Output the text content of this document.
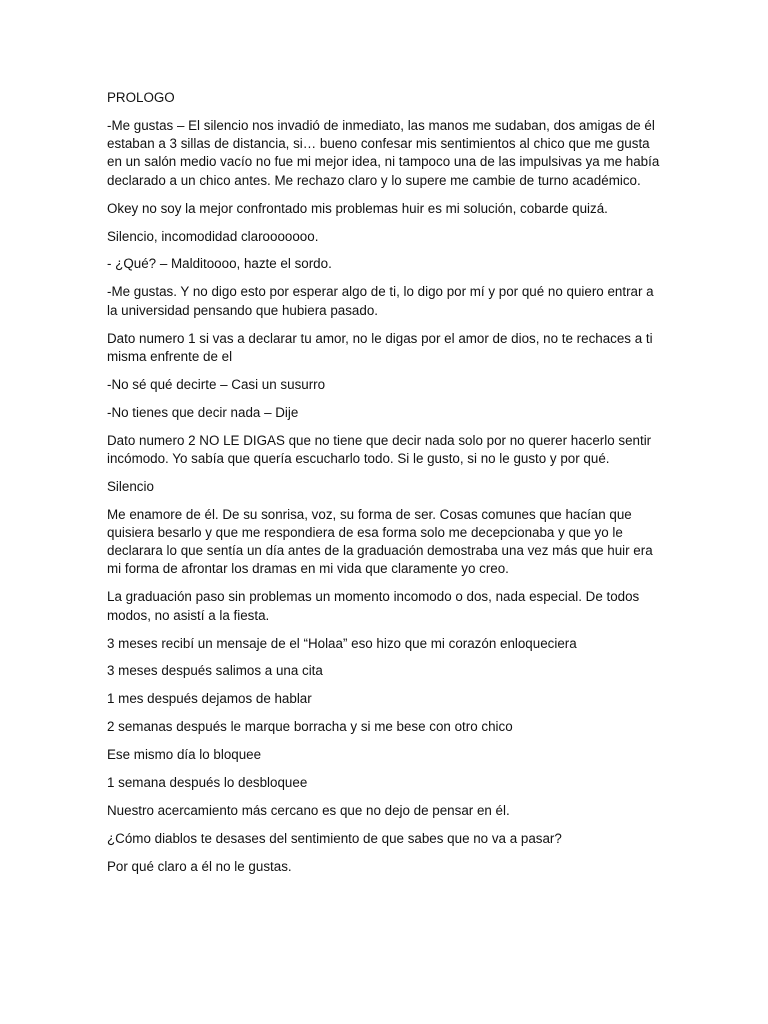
PROLOGO

-Me gustas – El silencio nos invadió de inmediato, las manos me sudaban, dos amigas de él estaban a 3 sillas de distancia, si… bueno confesar mis sentimientos al chico que me gusta en un salón medio vacío no fue mi mejor idea, ni tampoco una de las impulsivas ya me había declarado a un chico antes. Me rechazo claro y lo supere me cambie de turno académico.

Okey no soy la mejor confrontado mis problemas huir es mi solución, cobarde quizá.

Silencio, incomodidad clarooooooo.

- ¿Qué? – Malditoooo, hazte el sordo.

-Me gustas. Y no digo esto por esperar algo de ti, lo digo por mí y por qué no quiero entrar a la universidad pensando que hubiera pasado.

Dato numero 1 si vas a declarar tu amor, no le digas por el amor de dios, no te rechaces a ti misma enfrente de el

-No sé qué decirte – Casi un susurro

-No tienes que decir nada – Dije

Dato numero 2 NO LE DIGAS que no tiene que decir nada solo por no querer hacerlo sentir incómodo. Yo sabía que quería escucharlo todo. Si le gusto, si no le gusto y por qué.

Silencio

Me enamore de él. De su sonrisa, voz, su forma de ser. Cosas comunes que hacían que quisiera besarlo y que me respondiera de esa forma solo me decepcionaba y que yo le declarara lo que sentía un día antes de la graduación demostraba una vez más que huir era mi forma de afrontar los dramas en mi vida que claramente yo creo.

La graduación paso sin problemas un momento incomodo o dos, nada especial. De todos modos, no asistí a la fiesta.

3 meses recibí un mensaje de el “Holaa” eso hizo que mi corazón enloqueciera

3 meses después salimos a una cita

1 mes después dejamos de hablar

2 semanas después le marque borracha y si me bese con otro chico

Ese mismo día lo bloquee

1 semana después lo desbloquee

Nuestro acercamiento más cercano es que no dejo de pensar en él.

¿Cómo diablos te desases del sentimiento de que sabes que no va a pasar?

Por qué claro a él no le gustas.
